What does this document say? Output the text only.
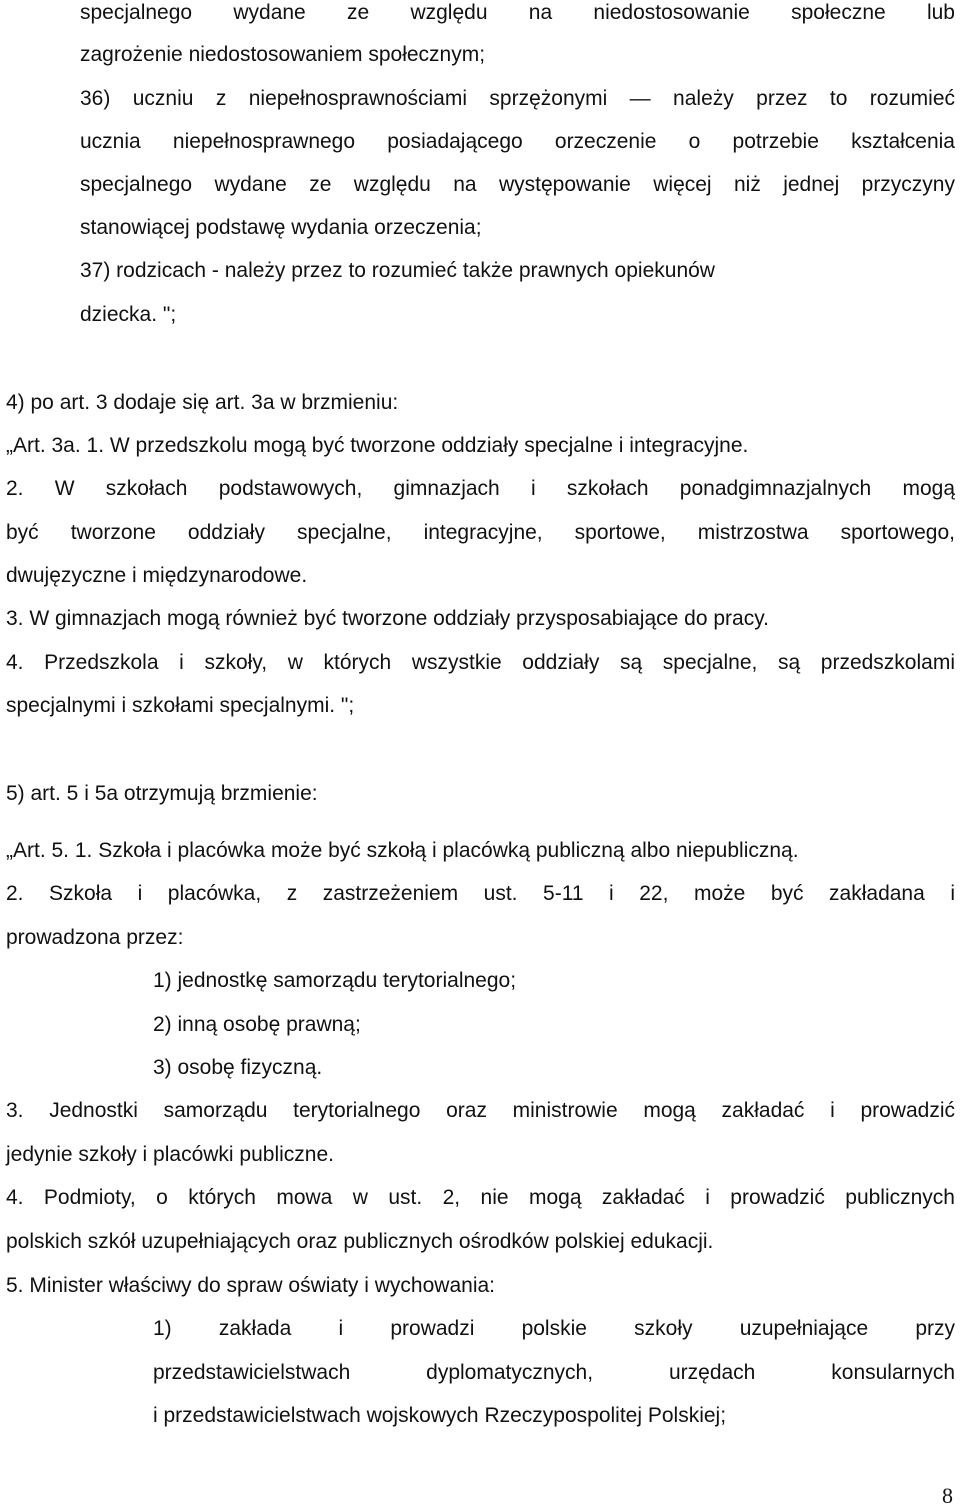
specjalnego wydane ze względu na niedostosowanie społeczne lub

zagrożenie niedostosowaniem społecznym;

36) uczniu z niepełnosprawnościami sprzężonymi — należy przez to rozumieć

ucznia niepełnosprawnego posiadającego orzeczenie o potrzebie kształcenia

specjalnego wydane ze względu na występowanie więcej niż jednej przyczyny

stanowiącej podstawę wydania orzeczenia;

37) rodzicach - należy przez to rozumieć także prawnych opiekunów

dziecka. ";

4) po art. 3 dodaje się art. 3a w brzmieniu:

„Art. 3a. 1. W przedszkolu mogą być tworzone oddziały specjalne i integracyjne.

2. W szkołach podstawowych, gimnazjach i szkołach ponadgimnazjalnych mogą

być tworzone oddziały specjalne, integracyjne, sportowe, mistrzostwa sportowego,

dwujęzyczne i międzynarodowe.

3. W gimnazjach mogą również być tworzone oddziały przysposabiające do pracy.

4. Przedszkola i szkoły, w których wszystkie oddziały są specjalne, są przedszkolami

specjalnymi i szkołami specjalnymi. ";

5) art. 5 i 5a otrzymują brzmienie:

„Art. 5. 1. Szkoła i placówka może być szkołą i placówką publiczną albo niepubliczną.

2. Szkoła i placówka, z zastrzeżeniem ust. 5-11 i 22, może być zakładana i

prowadzona przez:

1) jednostkę samorządu terytorialnego;

2) inną osobę prawną;

3) osobę fizyczną.

3. Jednostki samorządu terytorialnego oraz ministrowie mogą zakładać i prowadzić

jedynie szkoły i placówki publiczne.

4. Podmioty, o których mowa w ust. 2, nie mogą zakładać i prowadzić publicznych

polskich szkół uzupełniających oraz publicznych ośrodków polskiej edukacji.

5. Minister właściwy do spraw oświaty i wychowania:

1) zakłada i prowadzi polskie szkoły uzupełniające przy

przedstawicielstwach dyplomatycznych, urzędach konsularnych

i przedstawicielstwach wojskowych Rzeczypospolitej Polskiej;

8
